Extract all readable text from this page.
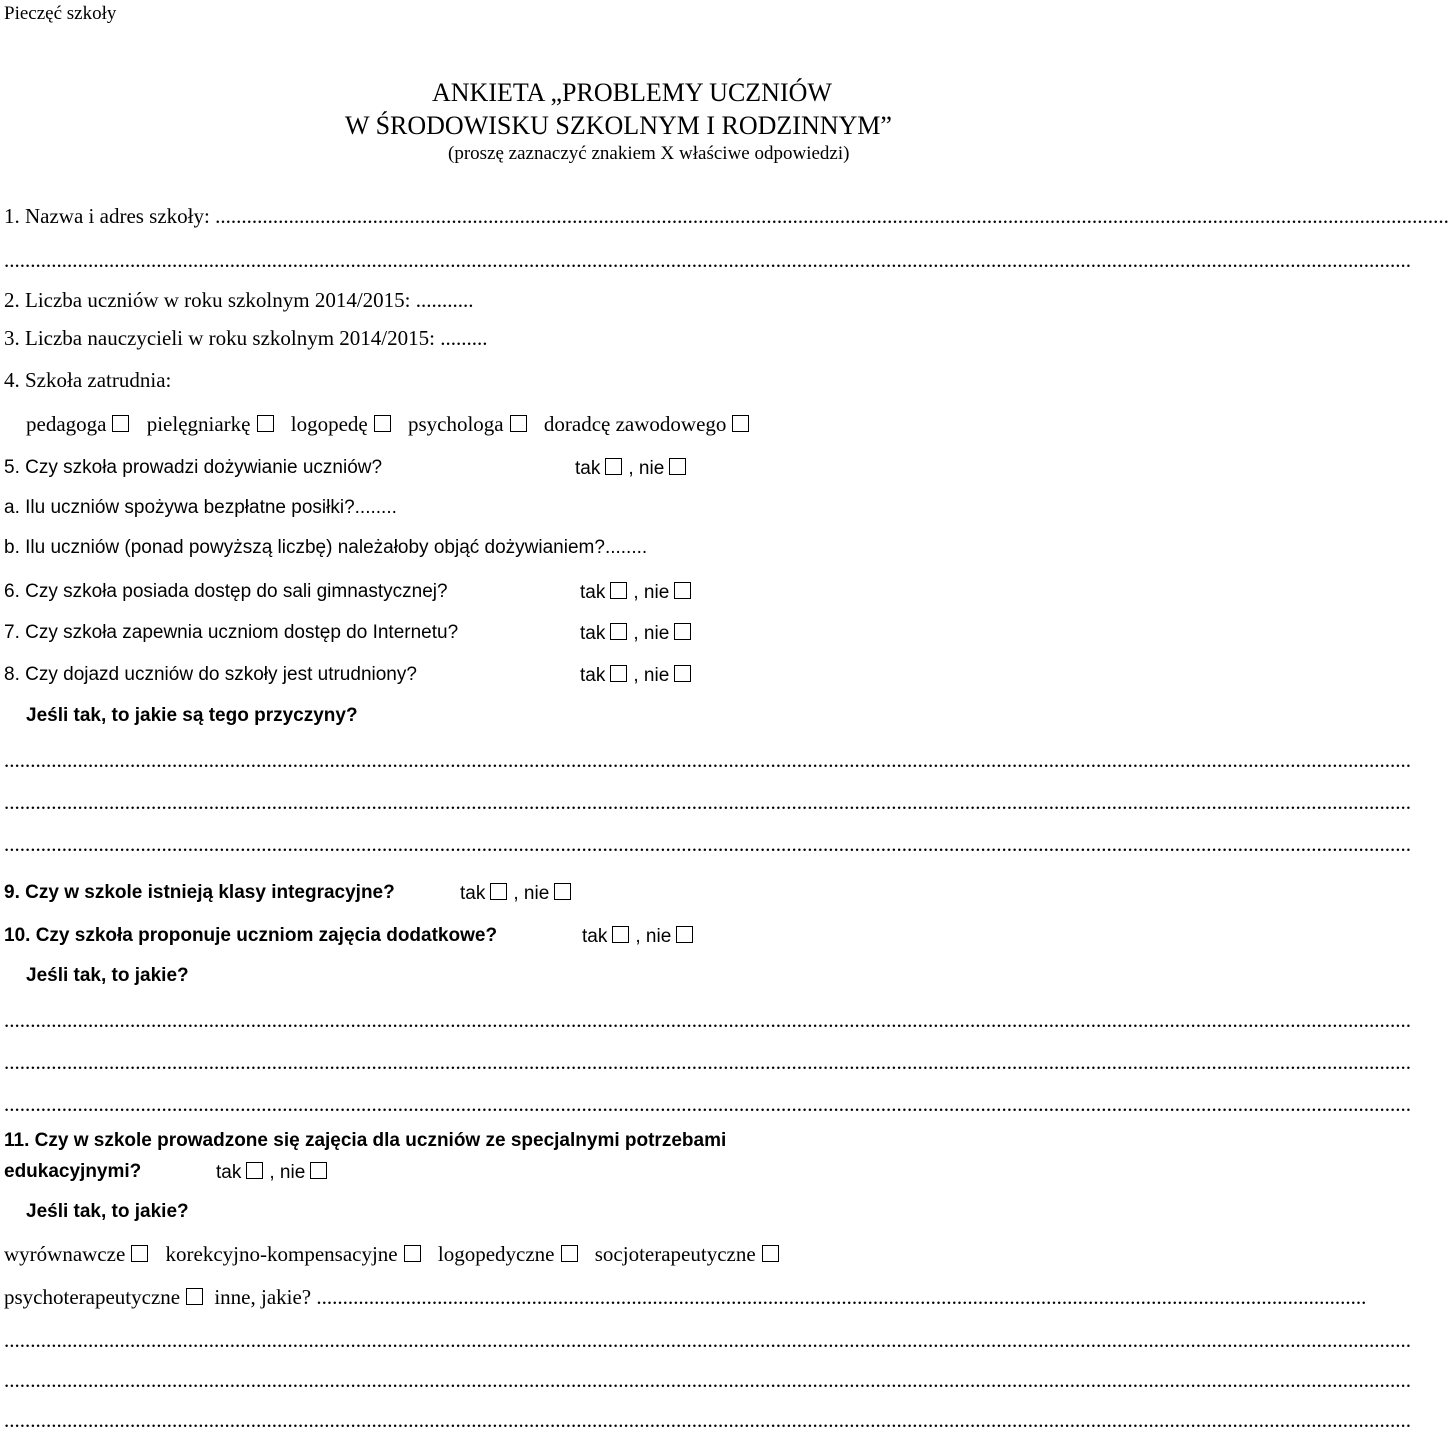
Pieczęć szkoły
ANKIETA „PROBLEMY UCZNIÓW
W ŚRODOWISKU SZKOLNYM I RODZINNYM”
(proszę zaznaczyć znakiem X właściwe odpowiedzi)
1. Nazwa i adres szkoły: ...........................................................................................................................................................................................................................................
............................................................................................................................................................................................................................................................................
2. Liczba uczniów w roku szkolnym 2014/2015: ...........
3. Liczba nauczycieli w roku szkolnym 2014/2015: .........
4. Szkoła zatrudnia:
pedagoga pielęgniarkę logopedę psychologa doradcę zawodowego
5. Czy szkoła prowadzi dożywianie uczniów?	tak , nie
a. Ilu uczniów spożywa bezpłatne posiłki?........
b. Ilu uczniów (ponad powyższą liczbę) należałoby objąć dożywianiem?........
6. Czy szkoła posiada dostęp do sali gimnastycznej?	tak , nie
7. Czy szkoła zapewnia uczniom dostęp do Internetu?	tak , nie
8. Czy dojazd uczniów do szkoły jest utrudniony?	tak , nie
Jeśli tak, to jakie są tego przyczyny?
............................................................................................................................................................................................................................................................................
............................................................................................................................................................................................................................................................................
............................................................................................................................................................................................................................................................................
9. Czy w szkole istnieją klasy integracyjne?	tak , nie
10. Czy szkoła proponuje uczniom zajęcia dodatkowe?	tak , nie
Jeśli tak, to jakie?
............................................................................................................................................................................................................................................................................
............................................................................................................................................................................................................................................................................
............................................................................................................................................................................................................................................................................
11. Czy w szkole prowadzone się zajęcia dla uczniów ze specjalnymi potrzebami
edukacyjnymi?	tak , nie
Jeśli tak, to jakie?
wyrównawcze korekcyjno-kompensacyjne logopedyczne socjoterapeutyczne
psychoterapeutyczne inne, jakie? ........................................................................................................................................................................................................
............................................................................................................................................................................................................................................................................
............................................................................................................................................................................................................................................................................
............................................................................................................................................................................................................................................................................
